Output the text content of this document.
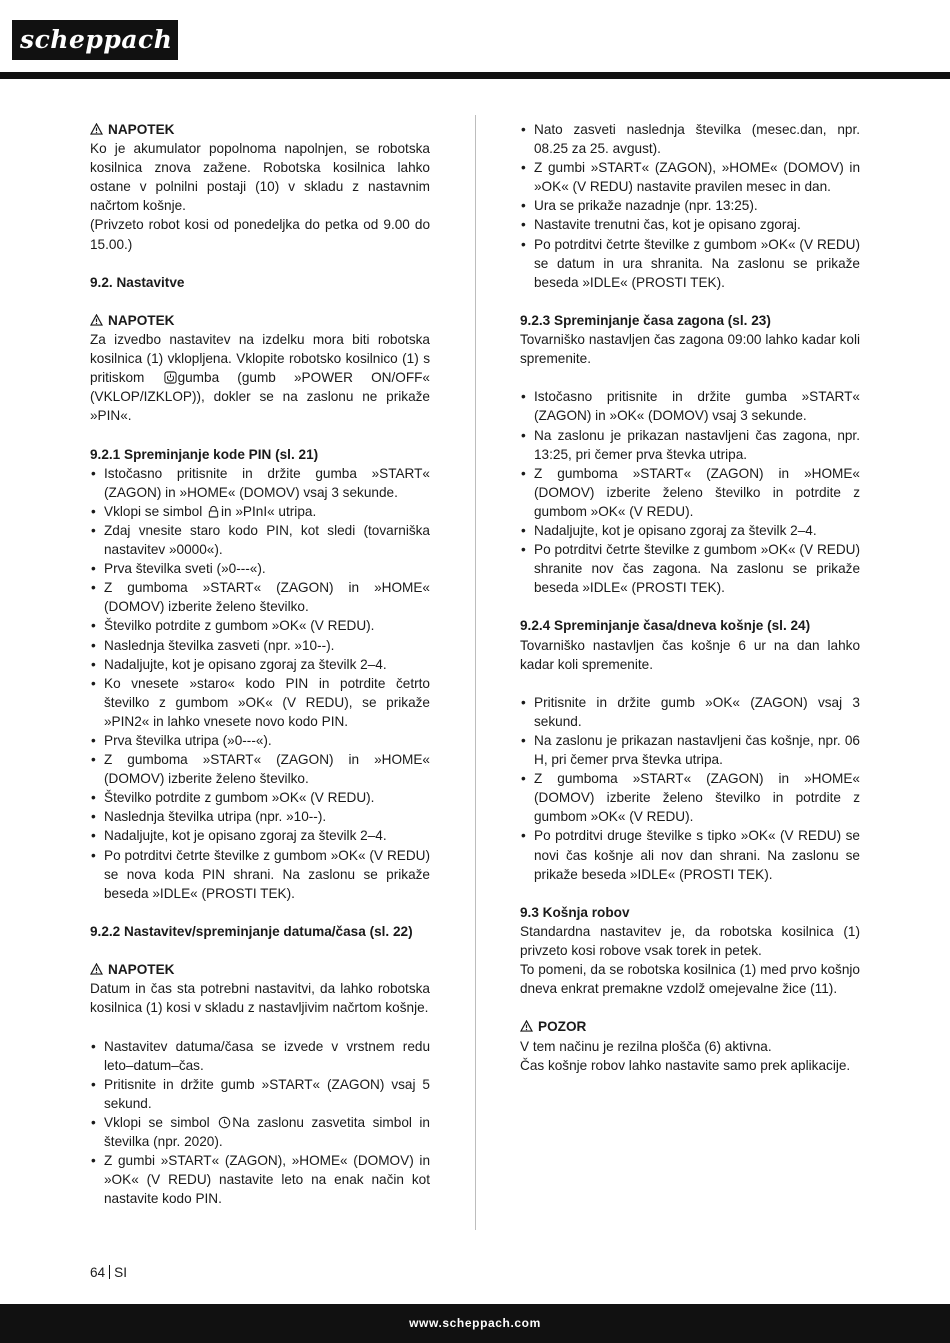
scheppach

NAPOTEK

Ko je akumulator popolnoma napolnjen, se robotska kosilnica znova zažene. Robotska kosilnica lahko ostane v polnilni postaji (10) v skladu z nastavnim načrtom košnje.

(Privzeto robot kosi od ponedeljka do petka od 9.00 do 15.00.)

9.2. Nastavitve

NAPOTEK

Za izvedbo nastavitev na izdelku mora biti robotska kosilnica (1) vklopljena. Vklopite robotsko kosilnico (1) s pritiskom gumba (gumb »POWER ON/OFF« (VKLOP/IZKLOP)), dokler se na zaslonu ne prikaže »PIN«.

9.2.1 Spreminjanje kode PIN (sl. 21)

• Istočasno pritisnite in držite gumba »START« (ZAGON) in »HOME« (DOMOV) vsaj 3 sekunde.
• Vklopi se simbol in »PInI« utripa.
• Zdaj vnesite staro kodo PIN, kot sledi (tovarniška nastavitev »0000«).
• Prva številka sveti (»0---«).
• Z gumboma »START« (ZAGON) in »HOME« (DOMOV) izberite želeno številko.
• Številko potrdite z gumbom »OK« (V REDU).
• Naslednja številka zasveti (npr. »10--).
• Nadaljujte, kot je opisano zgoraj za številk 2–4.
• Ko vnesete »staro« kodo PIN in potrdite četrto številko z gumbom »OK« (V REDU), se prikaže »PIN2« in lahko vnesete novo kodo PIN.
• Prva številka utripa (»0---«).
• Z gumboma »START« (ZAGON) in »HOME« (DOMOV) izberite želeno številko.
• Številko potrdite z gumbom »OK« (V REDU).
• Naslednja številka utripa (npr. »10--).
• Nadaljujte, kot je opisano zgoraj za številk 2–4.
• Po potrditvi četrte številke z gumbom »OK« (V REDU) se nova koda PIN shrani. Na zaslonu se prikaže beseda »IDLE« (PROSTI TEK).

9.2.2 Nastavitev/spreminjanje datuma/časa (sl. 22)

NAPOTEK

Datum in čas sta potrebni nastavitvi, da lahko robotska kosilnica (1) kosi v skladu z nastavljivim načrtom košnje.

• Nastavitev datuma/časa se izvede v vrstnem redu leto–datum–čas.
• Pritisnite in držite gumb »START« (ZAGON) vsaj 5 sekund.
• Vklopi se simbol Na zaslonu zasvetita simbol in številka (npr. 2020).
• Z gumbi »START« (ZAGON), »HOME« (DOMOV) in »OK« (V REDU) nastavite leto na enak način kot nastavite kodo PIN.
• Nato zasveti naslednja številka (mesec.dan, npr. 08.25 za 25. avgust).
• Z gumbi »START« (ZAGON), »HOME« (DOMOV) in »OK« (V REDU) nastavite pravilen mesec in dan.
• Ura se prikaže nazadnje (npr. 13:25).
• Nastavite trenutni čas, kot je opisano zgoraj.
• Po potrditvi četrte številke z gumbom »OK« (V REDU) se datum in ura shranita. Na zaslonu se prikaže beseda »IDLE« (PROSTI TEK).

9.2.3 Spreminjanje časa zagona (sl. 23)

Tovarniško nastavljen čas zagona 09:00 lahko kadar koli spremenite.

• Istočasno pritisnite in držite gumba »START« (ZAGON) in »OK« (DOMOV) vsaj 3 sekunde.
• Na zaslonu je prikazan nastavljeni čas zagona, npr. 13:25, pri čemer prva števka utripa.
• Z gumboma »START« (ZAGON) in »HOME« (DOMOV) izberite želeno številko in potrdite z gumbom »OK« (V REDU).
• Nadaljujte, kot je opisano zgoraj za številk 2–4.
• Po potrditvi četrte številke z gumbom »OK« (V REDU) shranite nov čas zagona. Na zaslonu se prikaže beseda »IDLE« (PROSTI TEK).

9.2.4 Spreminjanje časa/dneva košnje (sl. 24)

Tovarniško nastavljen čas košnje 6 ur na dan lahko kadar koli spremenite.

• Pritisnite in držite gumb »OK« (ZAGON) vsaj 3 sekund.
• Na zaslonu je prikazan nastavljeni čas košnje, npr. 06 H, pri čemer prva števka utripa.
• Z gumboma »START« (ZAGON) in »HOME« (DOMOV) izberite želeno številko in potrdite z gumbom »OK« (V REDU).
• Po potrditvi druge številke s tipko »OK« (V REDU) se novi čas košnje ali nov dan shrani. Na zaslonu se prikaže beseda »IDLE« (PROSTI TEK).

9.3 Košnja robov

Standardna nastavitev je, da robotska kosilnica (1) privzeto kosi robove vsak torek in petek.

To pomeni, da se robotska kosilnica (1) med prvo košnjo dneva enkrat premakne vzdolž omejevalne žice (11).

POZOR

V tem načinu je rezilna plošča (6) aktivna.

Čas košnje robov lahko nastavite samo prek aplikacije.

64 SI
www.scheppach.com
